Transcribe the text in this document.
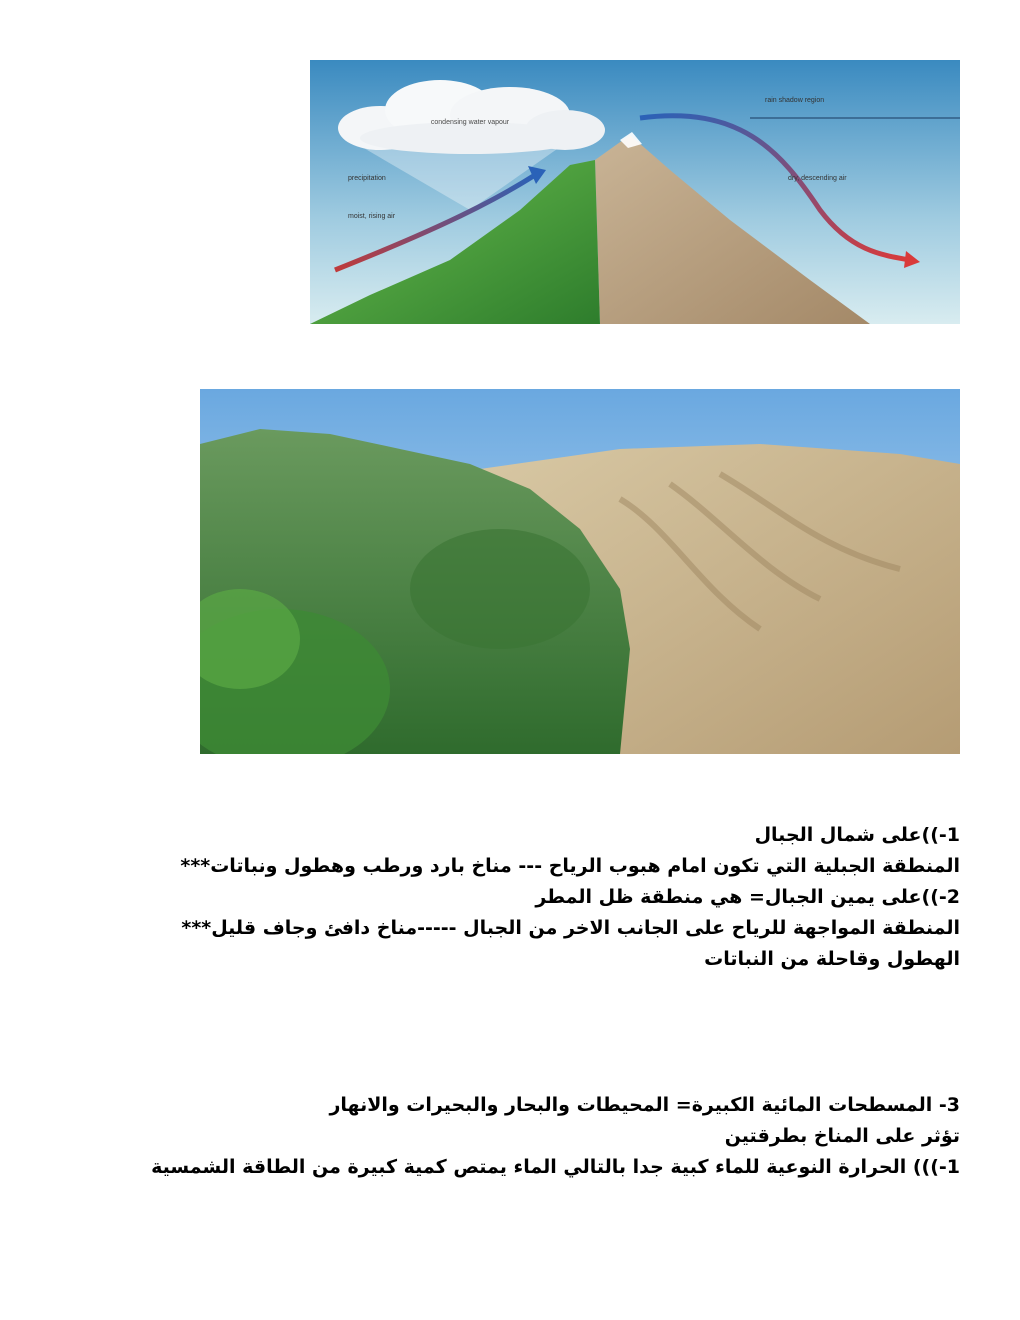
condensing water vapour
precipitation
moist, rising air
rain shadow region
dry, descending air
1-))على شمال الجبال
المنطقة الجبلية التي تكون امام هبوب الرياح --- مناخ بارد ورطب وهطول ونباتات***
2-))على يمين الجبال= هي منطقة ظل المطر
المنطقة المواجهة للرياح على الجانب الاخر من الجبال -----مناخ دافئ وجاف قليل***
الهطول وقاحلة من النباتات
3- المسطحات المائية الكبيرة= المحيطات والبحار والبحيرات والانهار
تؤثر على المناخ بطرقتين
1-))) الحرارة النوعية للماء كبية جدا بالتالي الماء يمتص كمية كبيرة من الطاقة الشمسية
